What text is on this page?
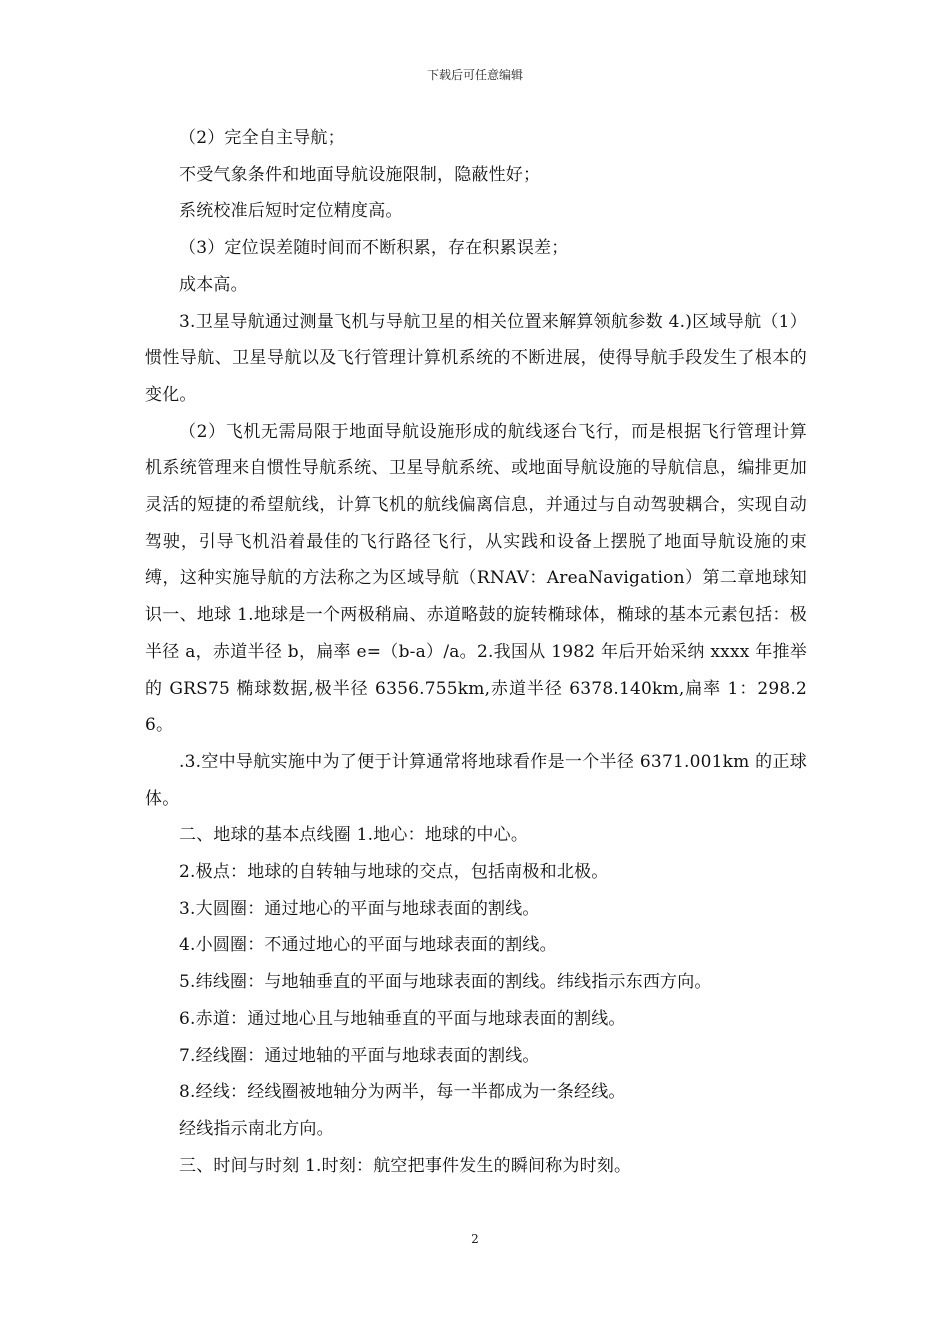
下载后可任意编辑

（2）完全自主导航；

不受气象条件和地面导航设施限制，隐蔽性好；

系统校准后短时定位精度高。

（3）定位误差随时间而不断积累，存在积累误差；

成本高。

3.卫星导航通过测量飞机与导航卫星的相关位置来解算领航参数 4.)区域导航（1）惯性导航、卫星导航以及飞行管理计算机系统的不断进展，使得导航手段发生了根本的变化。

（2）飞机无需局限于地面导航设施形成的航线逐台飞行，而是根据飞行管理计算机系统管理来自惯性导航系统、卫星导航系统、或地面导航设施的导航信息，编排更加灵活的短捷的希望航线，计算飞机的航线偏离信息，并通过与自动驾驶耦合，实现自动驾驶，引导飞机沿着最佳的飞行路径飞行，从实践和设备上摆脱了地面导航设施的束缚，这种实施导航的方法称之为区域导航（RNAV：AreaNavigation）第二章地球知识一、地球 1.地球是一个两极稍扁、赤道略鼓的旋转椭球体，椭球的基本元素包括：极半径 a，赤道半径 b，扁率 e=（b-a）/a。2.我国从 1982 年后开始采纳 xxxx 年推举的 GRS75 椭球数据,极半径 6356.755km,赤道半径 6378.140km,扁率 1：298.26。

.3.空中导航实施中为了便于计算通常将地球看作是一个半径 6371.001km 的正球体。

二、地球的基本点线圈 1.地心：地球的中心。

2.极点：地球的自转轴与地球的交点，包括南极和北极。

3.大圆圈：通过地心的平面与地球表面的割线。

4.小圆圈：不通过地心的平面与地球表面的割线。

5.纬线圈：与地轴垂直的平面与地球表面的割线。纬线指示东西方向。

6.赤道：通过地心且与地轴垂直的平面与地球表面的割线。

7.经线圈：通过地轴的平面与地球表面的割线。

8.经线：经线圈被地轴分为两半，每一半都成为一条经线。

经线指示南北方向。

三、时间与时刻 1.时刻：航空把事件发生的瞬间称为时刻。

2
